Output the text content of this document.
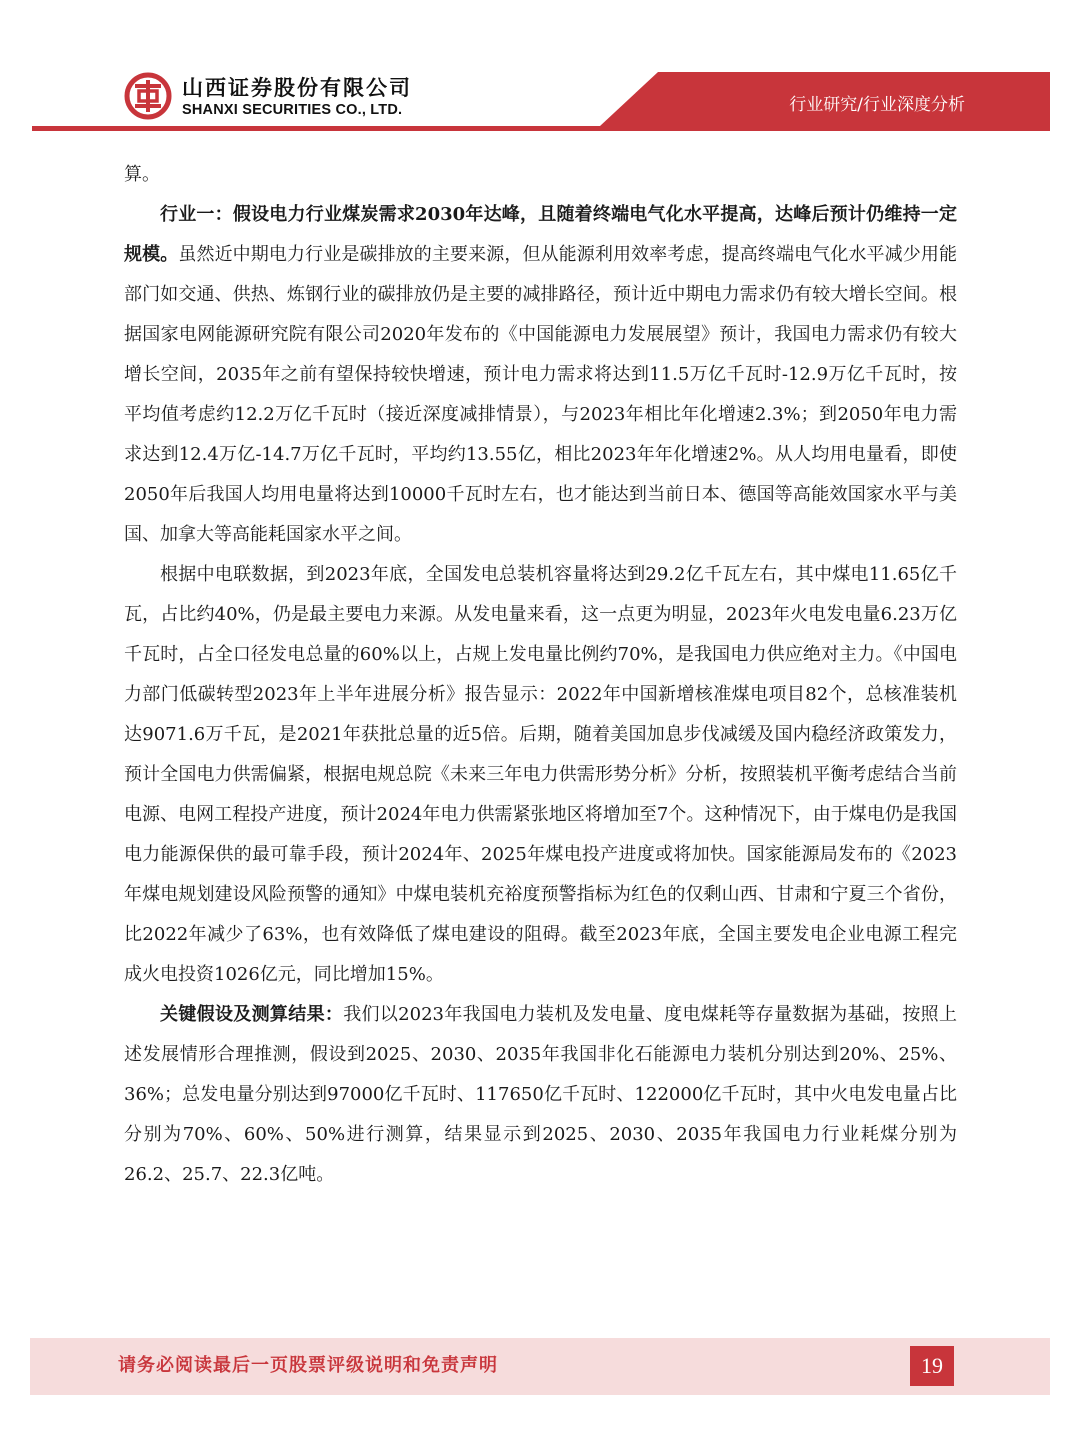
山西证券股份有限公司
SHANXI SECURITIES CO., LTD.	行业研究/行业深度分析

算。

行业一：假设电力行业煤炭需求2030年达峰，且随着终端电气化水平提高，达峰后预计仍维持一定规模。虽然近中期电力行业是碳排放的主要来源，但从能源利用效率考虑，提高终端电气化水平减少用能部门如交通、供热、炼钢行业的碳排放仍是主要的减排路径，预计近中期电力需求仍有较大增长空间。根据国家电网能源研究院有限公司2020年发布的《中国能源电力发展展望》预计，我国电力需求仍有较大增长空间，2035年之前有望保持较快增速，预计电力需求将达到11.5万亿千瓦时-12.9万亿千瓦时，按平均值考虑约12.2万亿千瓦时（接近深度减排情景），与2023年相比年化增速2.3%；到2050年电力需求达到12.4万亿-14.7万亿千瓦时，平均约13.55亿，相比2023年年化增速2%。从人均用电量看，即使2050年后我国人均用电量将达到10000千瓦时左右，也才能达到当前日本、德国等高能效国家水平与美国、加拿大等高能耗国家水平之间。

根据中电联数据，到2023年底，全国发电总装机容量将达到29.2亿千瓦左右，其中煤电11.65亿千瓦，占比约40%，仍是最主要电力来源。从发电量来看，这一点更为明显，2023年火电发电量6.23万亿千瓦时，占全口径发电总量的60%以上，占规上发电量比例约70%，是我国电力供应绝对主力。《中国电力部门低碳转型2023年上半年进展分析》报告显示：2022年中国新增核准煤电项目82个，总核准装机达9071.6万千瓦，是2021年获批总量的近5倍。后期，随着美国加息步伐减缓及国内稳经济政策发力，预计全国电力供需偏紧，根据电规总院《未来三年电力供需形势分析》分析，按照装机平衡考虑结合当前电源、电网工程投产进度，预计2024年电力供需紧张地区将增加至7个。这种情况下，由于煤电仍是我国电力能源保供的最可靠手段，预计2024年、2025年煤电投产进度或将加快。国家能源局发布的《2023年煤电规划建设风险预警的通知》中煤电装机充裕度预警指标为红色的仅剩山西、甘肃和宁夏三个省份，比2022年减少了63%，也有效降低了煤电建设的阻碍。截至2023年底，全国主要发电企业电源工程完成火电投资1026亿元，同比增加15%。

关键假设及测算结果：我们以2023年我国电力装机及发电量、度电煤耗等存量数据为基础，按照上述发展情形合理推测，假设到2025、2030、2035年我国非化石能源电力装机分别达到20%、25%、36%；总发电量分别达到97000亿千瓦时、117650亿千瓦时、122000亿千瓦时，其中火电发电量占比分别为70%、60%、50%进行测算，结果显示到2025、2030、2035年我国电力行业耗煤分别为26.2、25.7、22.3亿吨。

请务必阅读最后一页股票评级说明和免责声明	19
